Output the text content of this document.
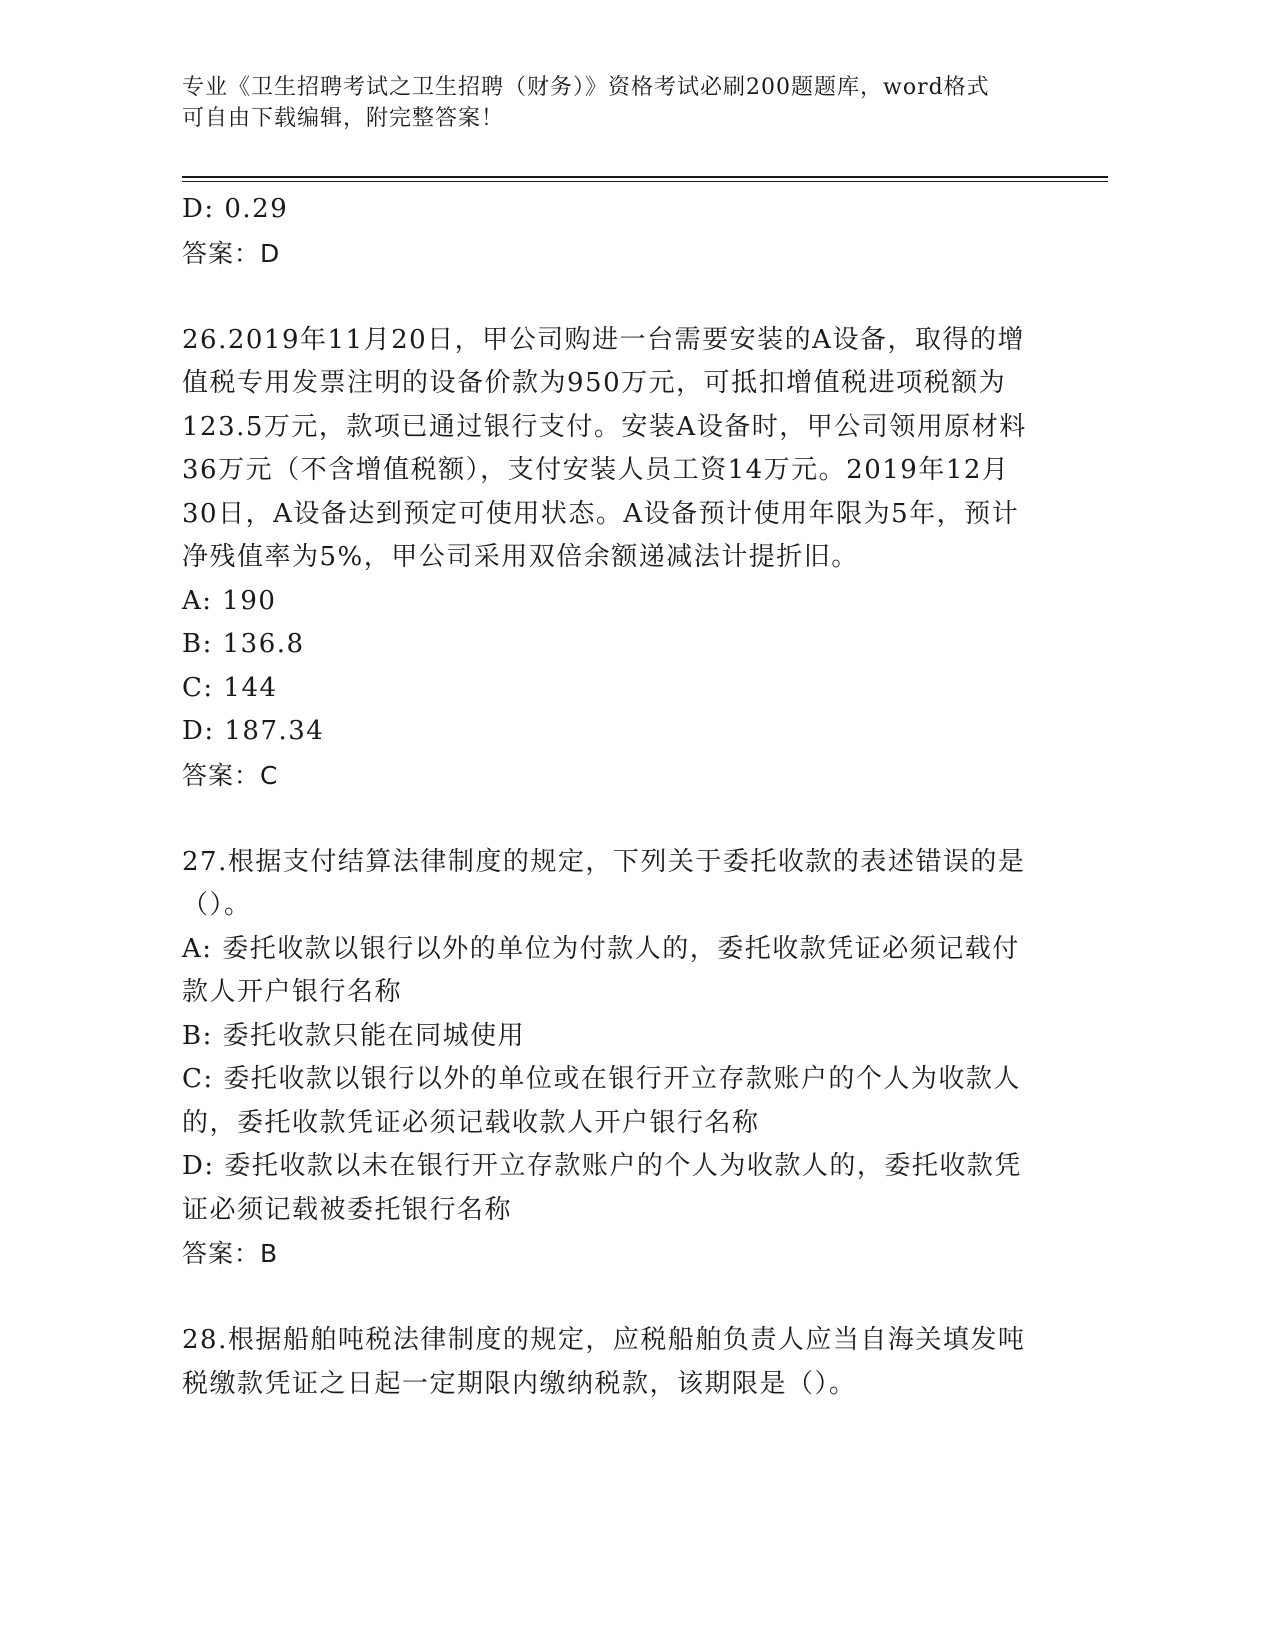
专业《卫生招聘考试之卫生招聘（财务）》资格考试必刷200题题库，word格式
可自由下载编辑，附完整答案！
D: 0.29
答案：D
26.2019年11月20日，甲公司购进一台需要安装的A设备，取得的增
值税专用发票注明的设备价款为950万元，可抵扣增值税进项税额为
123.5万元，款项已通过银行支付。安装A设备时，甲公司领用原材料
36万元（不含增值税额），支付安装人员工资14万元。2019年12月
30日，A设备达到预定可使用状态。A设备预计使用年限为5年，预计
净残值率为5%，甲公司采用双倍余额递减法计提折旧。
A: 190
B: 136.8
C: 144
D: 187.34
答案：C
27.根据支付结算法律制度的规定，下列关于委托收款的表述错误的是
（）。
A: 委托收款以银行以外的单位为付款人的，委托收款凭证必须记载付
款人开户银行名称
B: 委托收款只能在同城使用
C: 委托收款以银行以外的单位或在银行开立存款账户的个人为收款人
的，委托收款凭证必须记载收款人开户银行名称
D: 委托收款以未在银行开立存款账户的个人为收款人的，委托收款凭
证必须记载被委托银行名称
答案：B
28.根据船舶吨税法律制度的规定，应税船舶负责人应当自海关填发吨
税缴款凭证之日起一定期限内缴纳税款，该期限是（）。
